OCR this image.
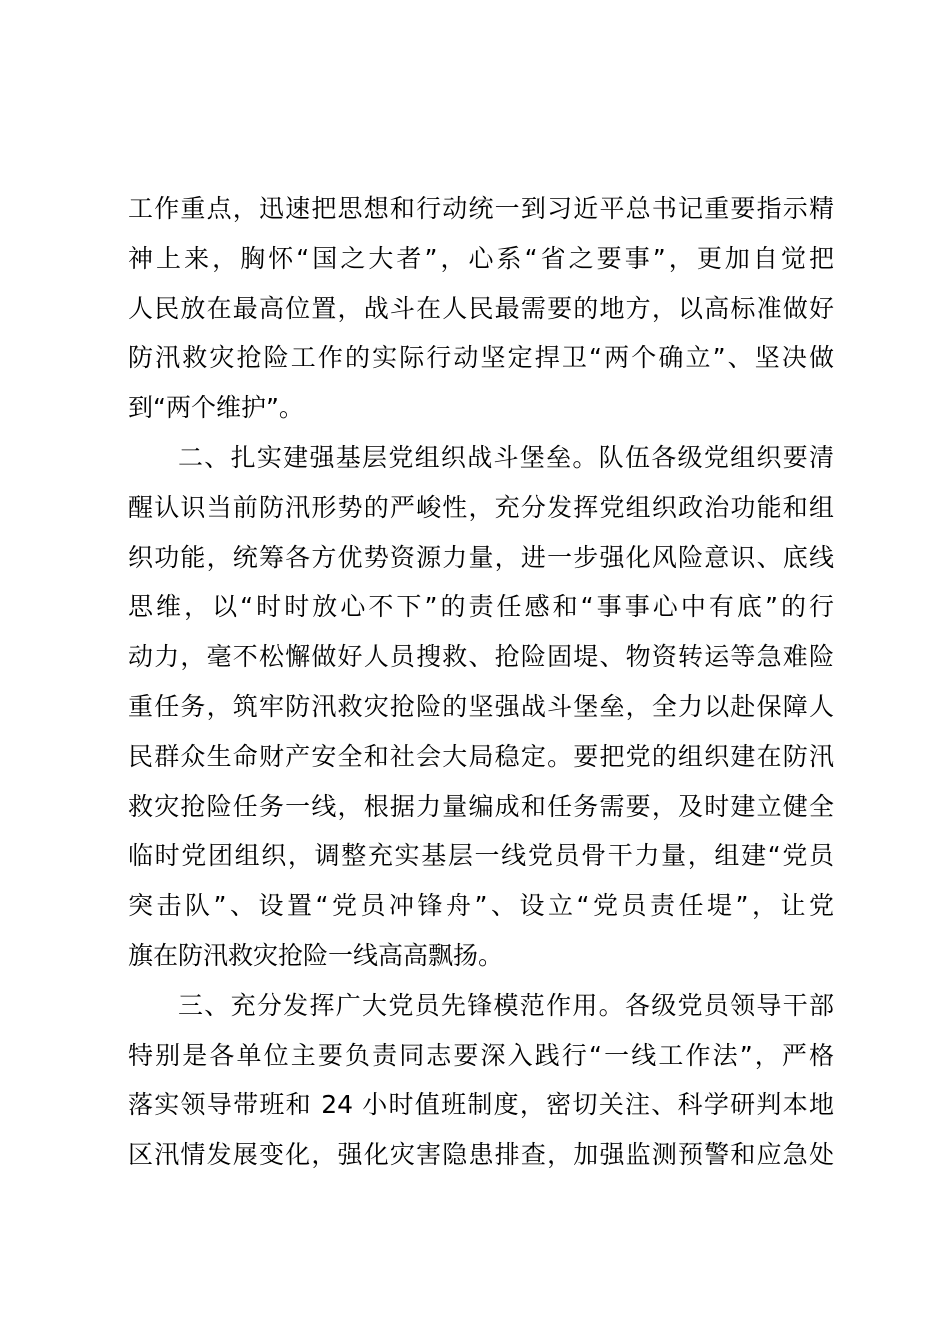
工作重点，迅速把思想和行动统一到习近平总书记重要指示精
神上来，胸怀“国之大者”，心系“省之要事”，更加自觉把
人民放在最高位置，战斗在人民最需要的地方，以高标准做好
防汛救灾抢险工作的实际行动坚定捍卫“两个确立”、坚决做
到“两个维护”。
二、扎实建强基层党组织战斗堡垒。队伍各级党组织要清
醒认识当前防汛形势的严峻性，充分发挥党组织政治功能和组
织功能，统筹各方优势资源力量，进一步强化风险意识、底线
思维，以“时时放心不下”的责任感和“事事心中有底”的行
动力，毫不松懈做好人员搜救、抢险固堤、物资转运等急难险
重任务，筑牢防汛救灾抢险的坚强战斗堡垒，全力以赴保障人
民群众生命财产安全和社会大局稳定。要把党的组织建在防汛
救灾抢险任务一线，根据力量编成和任务需要，及时建立健全
临时党团组织，调整充实基层一线党员骨干力量，组建“党员
突击队”、设置“党员冲锋舟”、设立“党员责任堤”，让党
旗在防汛救灾抢险一线高高飘扬。
三、充分发挥广大党员先锋模范作用。各级党员领导干部
特别是各单位主要负责同志要深入践行“一线工作法”，严格
落实领导带班和 24 小时值班制度，密切关注、科学研判本地
区汛情发展变化，强化灾害隐患排查，加强监测预警和应急处
